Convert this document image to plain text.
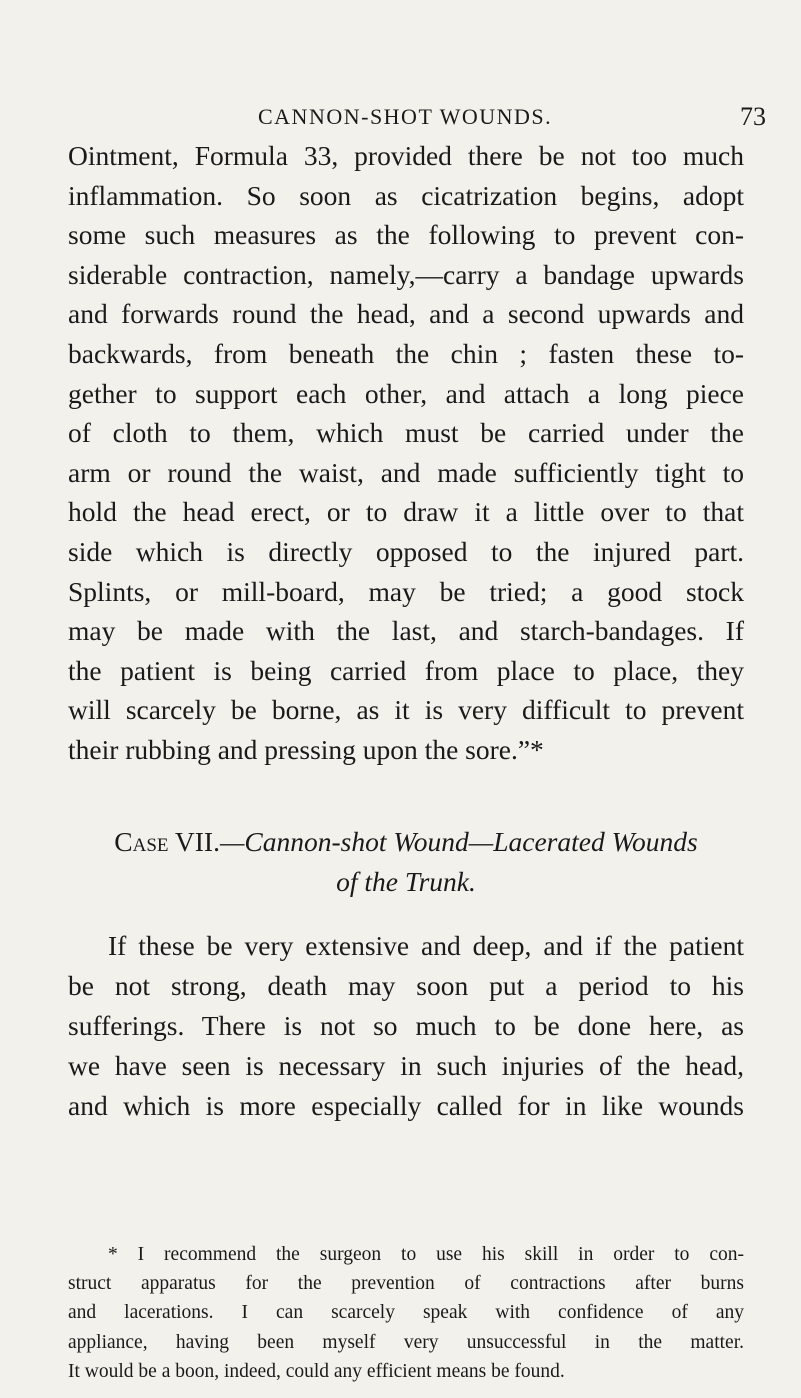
CANNON-SHOT WOUNDS.	73
Ointment, Formula 33, provided there be not too much
inflammation. So soon as cicatrization begins, adopt
some such measures as the following to prevent con-
siderable contraction, namely,—carry a bandage upwards
and forwards round the head, and a second upwards and
backwards, from beneath the chin ; fasten these to-
gether to support each other, and attach a long piece
of cloth to them, which must be carried under the
arm or round the waist, and made sufficiently tight to
hold the head erect, or to draw it a little over to that
side which is directly opposed to the injured part.
Splints, or mill-board, may be tried; a good stock
may be made with the last, and starch-bandages. If
the patient is being carried from place to place, they
will scarcely be borne, as it is very difficult to prevent
their rubbing and pressing upon the sore.”*
Case VII.—Cannon-shot Wound—Lacerated Wounds
of the Trunk.
If these be very extensive and deep, and if the patient
be not strong, death may soon put a period to his
sufferings. There is not so much to be done here, as
we have seen is necessary in such injuries of the head,
and which is more especially called for in like wounds
* I recommend the surgeon to use his skill in order to con-
struct apparatus for the prevention of contractions after burns
and lacerations. I can scarcely speak with confidence of any
appliance, having been myself very unsuccessful in the matter.
It would be a boon, indeed, could any efficient means be found.
